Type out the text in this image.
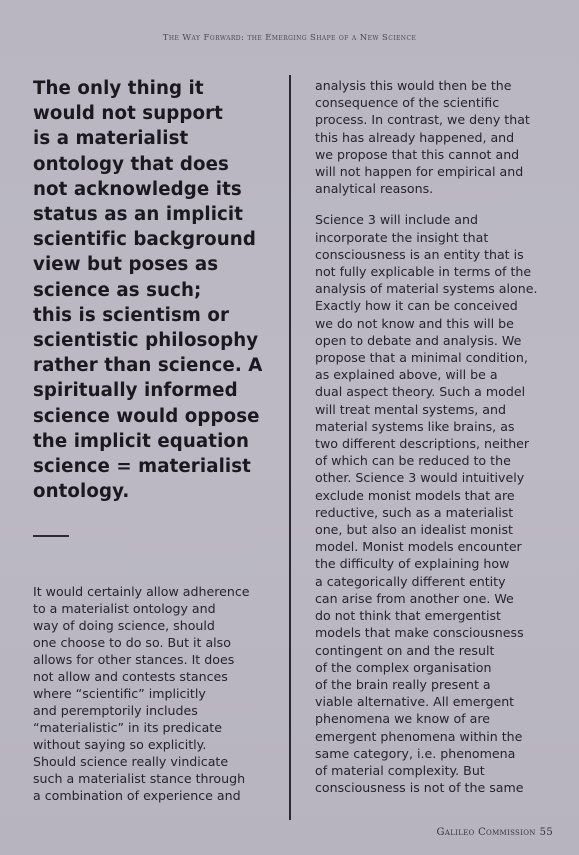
The Way Forward: the Emerging Shape of a New Science
The only thing it
would not support
is a materialist
ontology that does
not acknowledge its
status as an implicit
scientific background
view but poses as
science as such;
this is scientism or
scientistic philosophy
rather than science. A
spiritually informed
science would oppose
the implicit equation
science = materialist
ontology.
It would certainly allow adherence
to a materialist ontology and
way of doing science, should
one choose to do so. But it also
allows for other stances. It does
not allow and contests stances
where “scientific” implicitly
and peremptorily includes
“materialistic” in its predicate
without saying so explicitly.
Should science really vindicate
such a materialist stance through
a combination of experience and

analysis this would then be the
consequence of the scientific
process. In contrast, we deny that
this has already happened, and
we propose that this cannot and
will not happen for empirical and
analytical reasons.

Science 3 will include and
incorporate the insight that
consciousness is an entity that is
not fully explicable in terms of the
analysis of material systems alone.
Exactly how it can be conceived
we do not know and this will be
open to debate and analysis. We
propose that a minimal condition,
as explained above, will be a
dual aspect theory. Such a model
will treat mental systems, and
material systems like brains, as
two different descriptions, neither
of which can be reduced to the
other. Science 3 would intuitively
exclude monist models that are
reductive, such as a materialist
one, but also an idealist monist
model. Monist models encounter
the difficulty of explaining how
a categorically different entity
can arise from another one. We
do not think that emergentist
models that make consciousness
contingent on and the result
of the complex organisation
of the brain really present a
viable alternative. All emergent
phenomena we know of are
emergent phenomena within the
same category, i.e. phenomena
of material complexity. But
consciousness is not of the same

Galileo Commission 55
